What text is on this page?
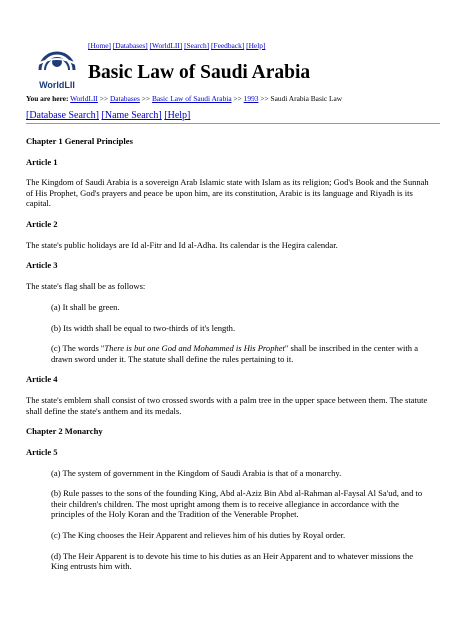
[Home] [Databases] [WorldLII] [Search] [Feedback] [Help]
WorldLII
Basic Law of Saudi Arabia
You are here: WorldLII >> Databases >> Basic Law of Saudi Arabia >> 1993 >> Saudi Arabia Basic Law
[Database Search] [Name Search] [Help]
Chapter 1 General Principles
Article 1

The Kingdom of Saudi Arabia is a sovereign Arab Islamic state with Islam as its religion; God's Book and the Sunnah of His Prophet, God's prayers and peace be upon him, are its constitution, Arabic is its language and Riyadh is its capital.

Article 2

The state's public holidays are Id al-Fitr and Id al-Adha. Its calendar is the Hegira calendar.

Article 3

The state's flag shall be as follows:

(a) It shall be green.

(b) Its width shall be equal to two-thirds of it's length.

(c) The words "There is but one God and Mohammed is His Prophet" shall be inscribed in the center with a drawn sword under it. The statute shall define the rules pertaining to it.

Article 4

The state's emblem shall consist of two crossed swords with a palm tree in the upper space between them. The statute shall define the state's anthem and its medals.

Chapter 2 Monarchy
Article 5

(a) The system of government in the Kingdom of Saudi Arabia is that of a monarchy.

(b) Rule passes to the sons of the founding King, Abd al-Aziz Bin Abd al-Rahman al-Faysal Al Sa'ud, and to their children's children. The most upright among them is to receive allegiance in accordance with the principles of the Holy Koran and the Tradition of the Venerable Prophet.

(c) The King chooses the Heir Apparent and relieves him of his duties by Royal order.

(d) The Heir Apparent is to devote his time to his duties as an Heir Apparent and to whatever missions the King entrusts him with.
